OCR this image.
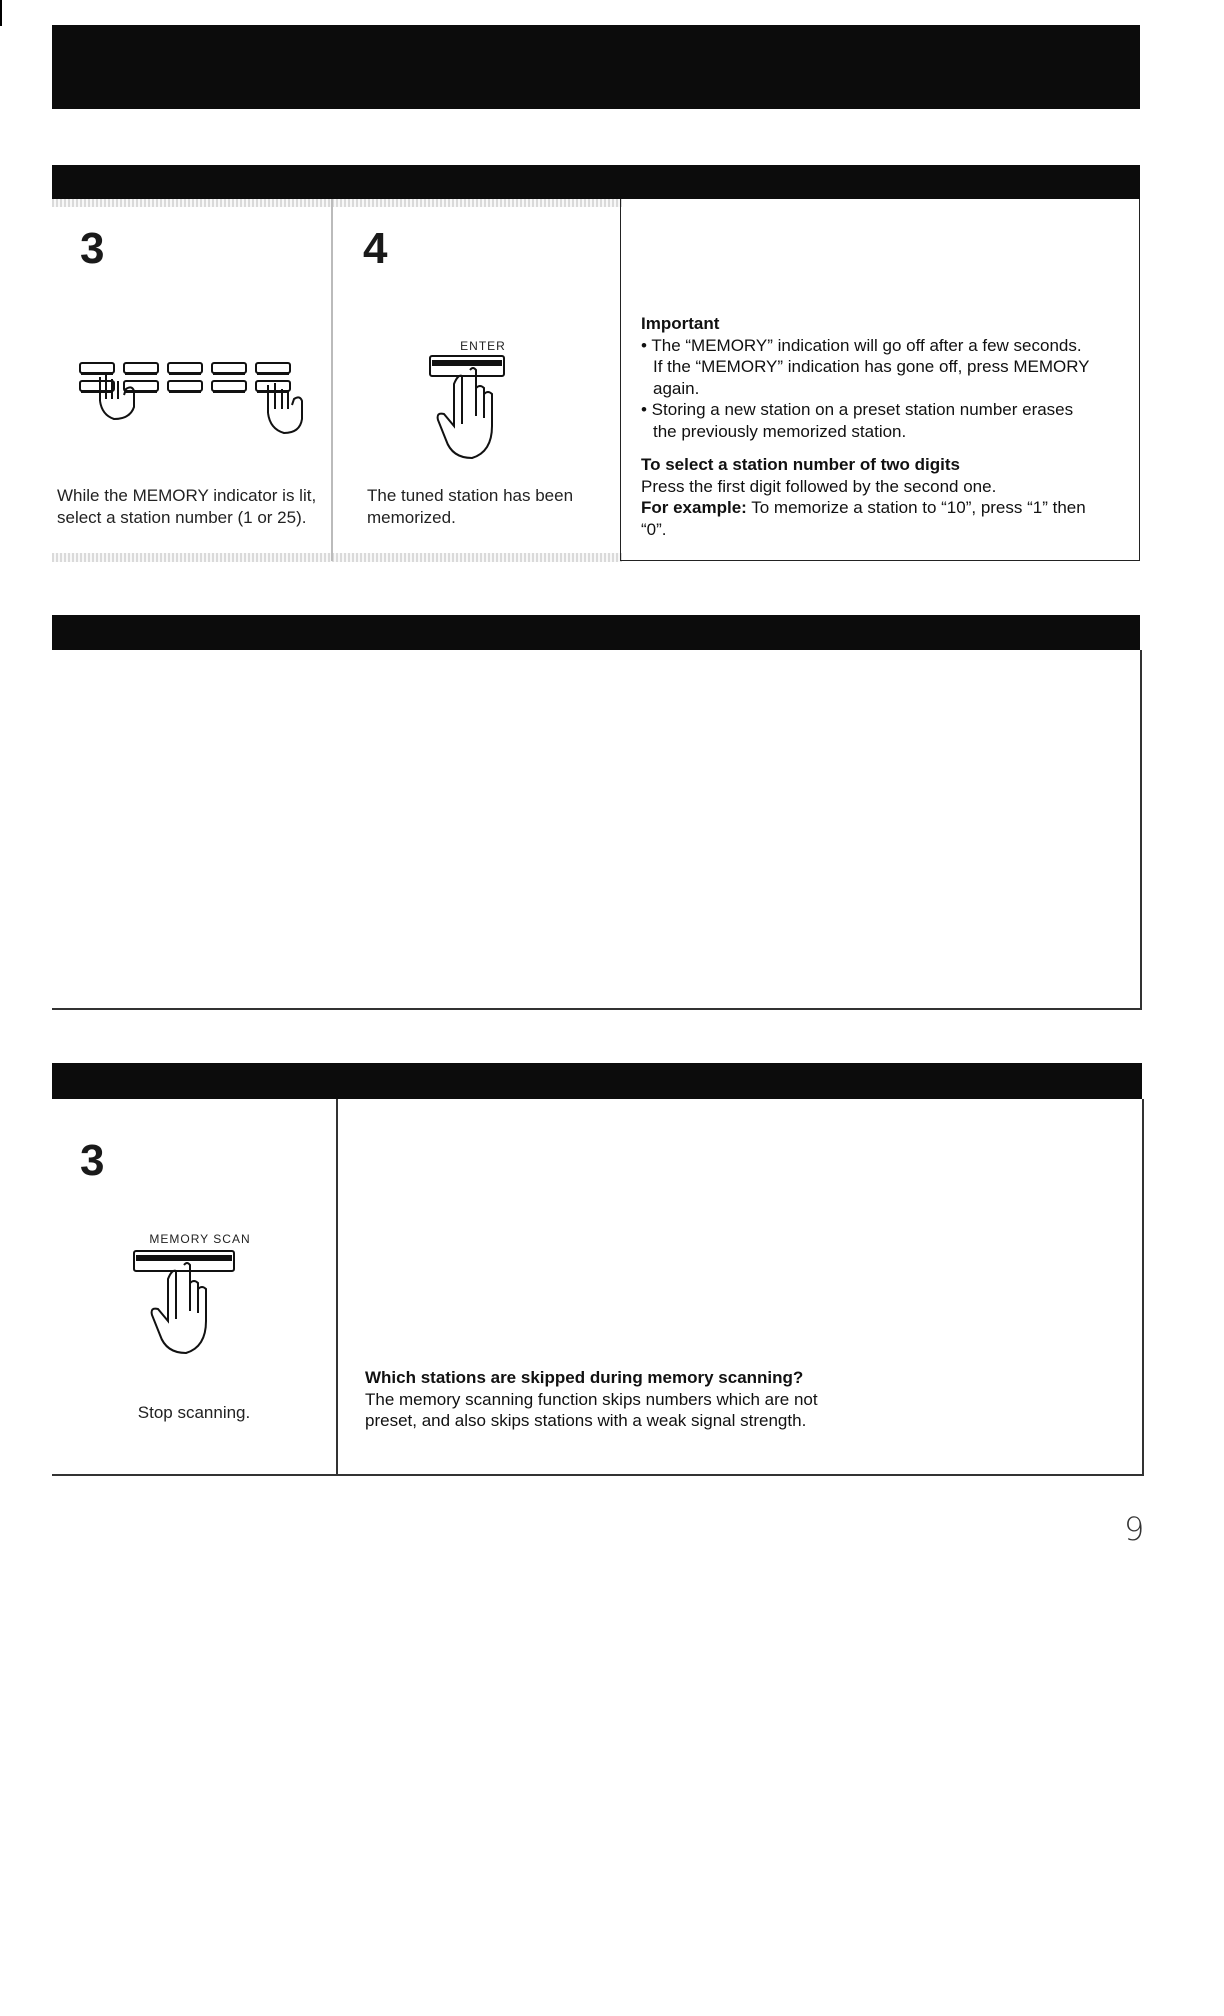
3
While the MEMORY indicator is lit,
select a station number (1 or 25).
4
ENTER
The tuned station has been
memorized.
Important
• The “MEMORY” indication will go off after a few seconds.
If the “MEMORY” indication has gone off, press MEMORY
again.
• Storing a new station on a preset station number erases
the previously memorized station.
To select a station number of two digits
Press the first digit followed by the second one.
For example: To memorize a station to “10”, press “1” then
“0”.
3
MEMORY SCAN
Stop scanning.
Which stations are skipped during memory scanning?
The memory scanning function skips numbers which are not
preset, and also skips stations with a weak signal strength.
9
